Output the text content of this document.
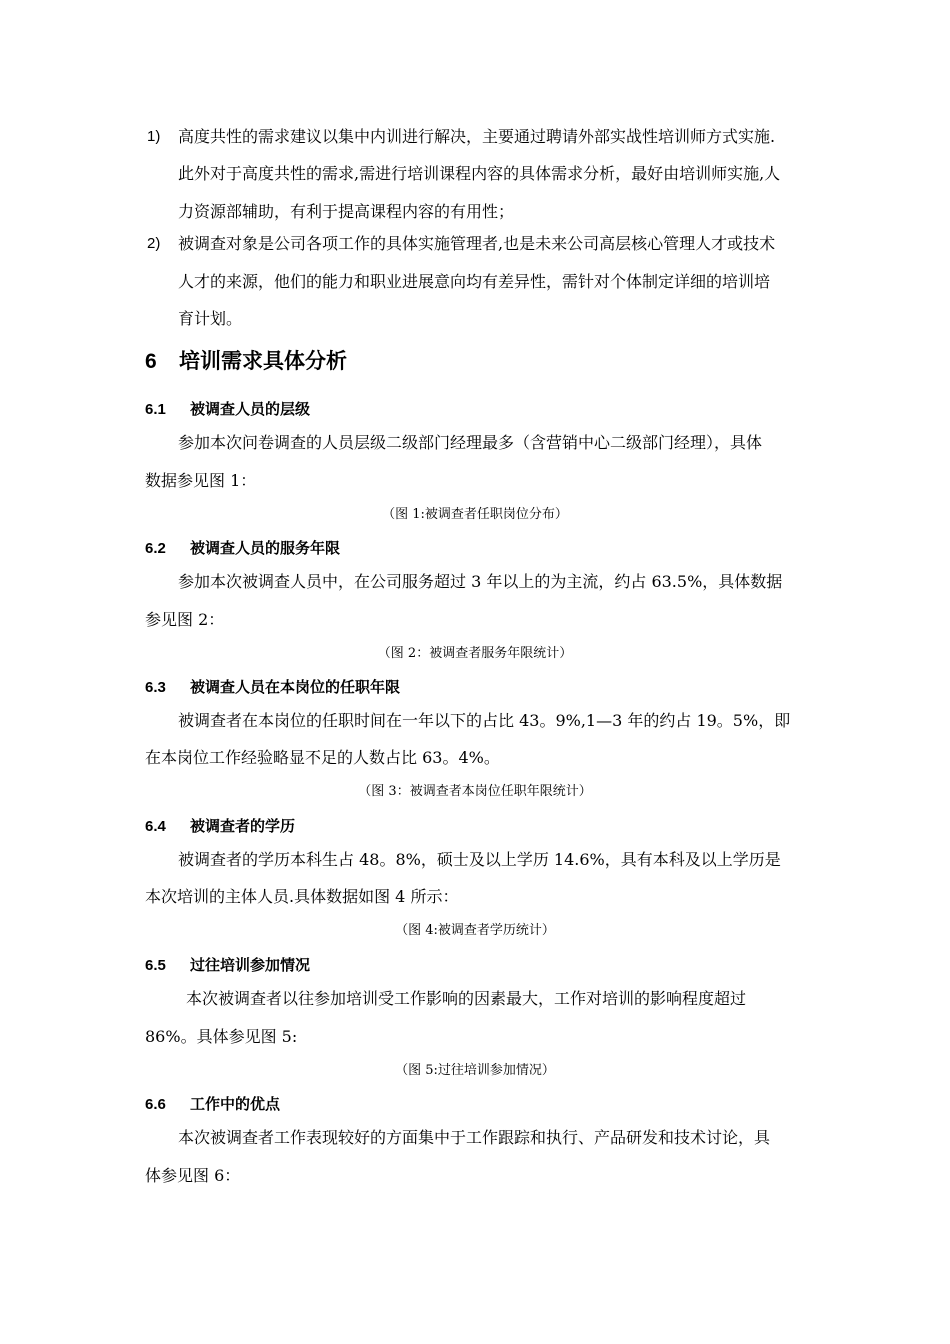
1) 高度共性的需求建议以集中内训进行解决，主要通过聘请外部实战性培训师方式实施.
此外对于高度共性的需求,需进行培训课程内容的具体需求分析，最好由培训师实施,人
力资源部辅助，有利于提高课程内容的有用性；
2) 被调查对象是公司各项工作的具体实施管理者,也是未来公司高层核心管理人才或技术
人才的来源，他们的能力和职业进展意向均有差异性，需针对个体制定详细的培训培
育计划。
6 培训需求具体分析
6.1 被调查人员的层级
参加本次问卷调查的人员层级二级部门经理最多（含营销中心二级部门经理），具体
数据参见图 1：
（图 1:被调查者任职岗位分布）
6.2 被调查人员的服务年限
参加本次被调查人员中，在公司服务超过 3 年以上的为主流，约占 63.5%，具体数据
参见图 2：
（图 2：被调查者服务年限统计）
6.3 被调查人员在本岗位的任职年限
被调查者在本岗位的任职时间在一年以下的占比 43。9%,1—3 年的约占 19。5%，即
在本岗位工作经验略显不足的人数占比 63。4%。
（图 3：被调查者本岗位任职年限统计）
6.4 被调查者的学历
被调查者的学历本科生占 48。8%，硕士及以上学历 14.6%，具有本科及以上学历是
本次培训的主体人员.具体数据如图 4 所示：
（图 4:被调查者学历统计）
6.5 过往培训参加情况
本次被调查者以往参加培训受工作影响的因素最大，工作对培训的影响程度超过
86%。具体参见图 5:
（图 5:过往培训参加情况）
6.6 工作中的优点
本次被调查者工作表现较好的方面集中于工作跟踪和执行、产品研发和技术讨论，具
体参见图 6：
